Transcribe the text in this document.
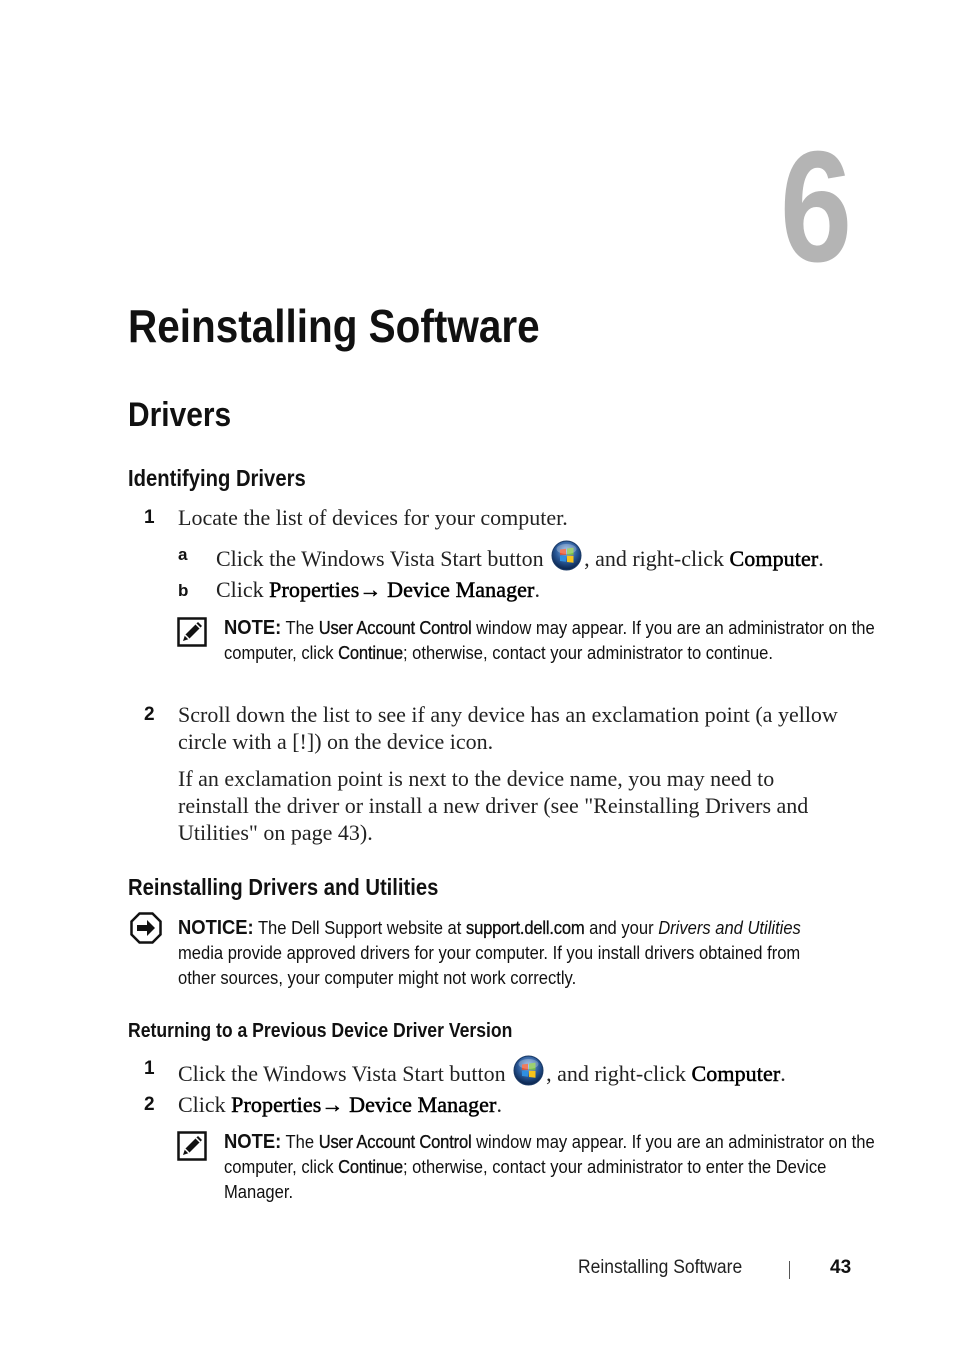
6
Reinstalling Software
Drivers
Identifying Drivers
1 Locate the list of devices for your computer.
a Click the Windows Vista Start button , and right-click Computer.
b Click Properties→ Device Manager.
NOTE: The User Account Control window may appear. If you are an administrator on the computer, click Continue; otherwise, contact your administrator to continue.
2 Scroll down the list to see if any device has an exclamation point (a yellow circle with a [!]) on the device icon.
If an exclamation point is next to the device name, you may need to reinstall the driver or install a new driver (see "Reinstalling Drivers and Utilities" on page 43).
Reinstalling Drivers and Utilities
NOTICE: The Dell Support website at support.dell.com and your Drivers and Utilities media provide approved drivers for your computer. If you install drivers obtained from other sources, your computer might not work correctly.
Returning to a Previous Device Driver Version
1 Click the Windows Vista Start button , and right-click Computer.
2 Click Properties→ Device Manager.
NOTE: The User Account Control window may appear. If you are an administrator on the computer, click Continue; otherwise, contact your administrator to enter the Device Manager.
Reinstalling Software	43
